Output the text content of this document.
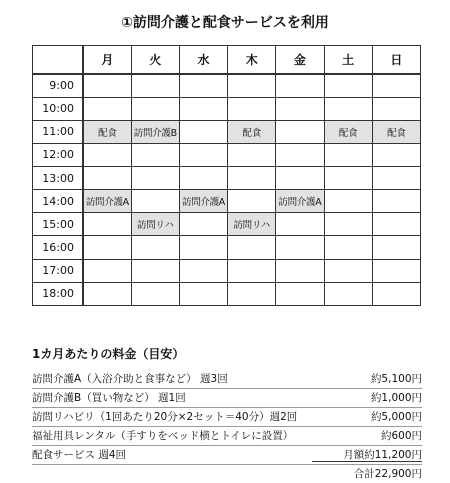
①訪問介護と配食サービスを利用
	月	火	水	木	金	土	日
9:00							
10:00							
11:00	配食	訪問介護B		配食		配食	配食
12:00							
13:00							
14:00	訪問介護A		訪問介護A		訪問介護A		
15:00		訪問リハ		訪問リハ			
16:00							
17:00							
18:00							
1カ月あたりの料金（目安）
訪問介護A（入浴介助と食事など） 週3回	約5,100円
訪問介護B（買い物など） 週1回	約1,000円
訪問リハビリ（1回あたり20分×2セット＝40分）週2回	約5,000円
福祉用具レンタル（手すりをベッド横とトイレに設置）	約600円
配食サービス 週4回	月額約11,200円
合計22,900円
